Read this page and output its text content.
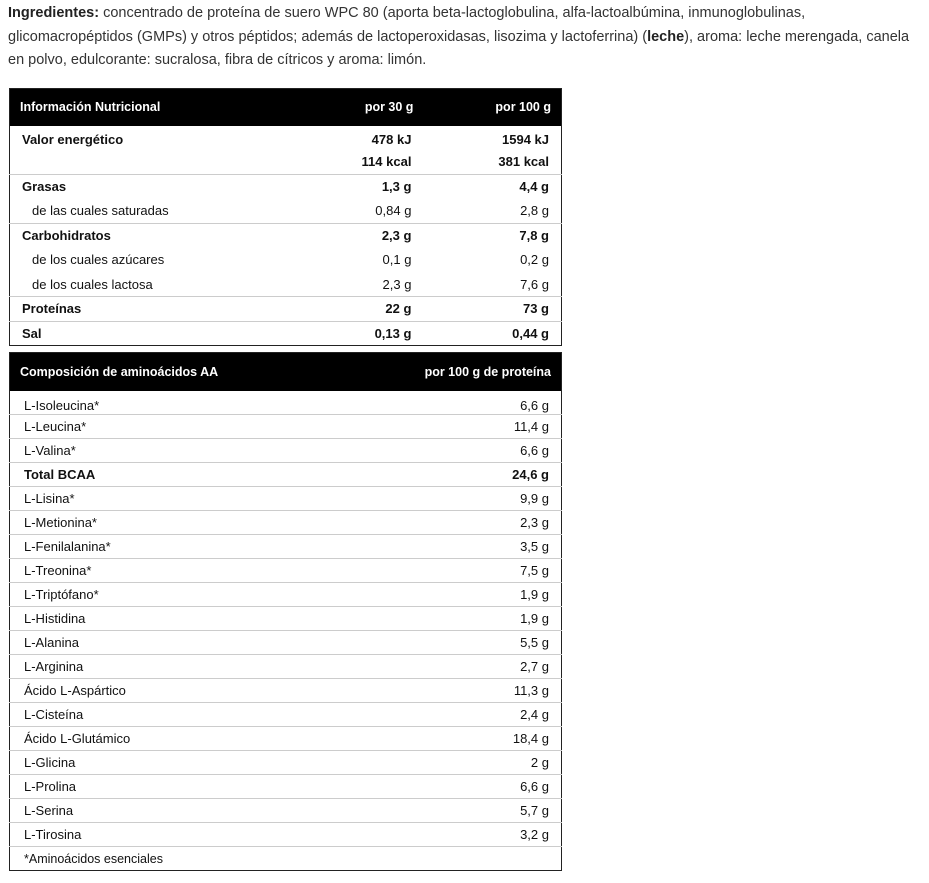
Ingredientes: concentrado de proteína de suero WPC 80 (aporta beta-lactoglobulina, alfa-lactoalbúmina, inmunoglobulinas, glicomacropéptidos (GMPs) y otros péptidos; además de lactoperoxidasas, lisozima y lactoferrina) (leche), aroma: leche merengada, canela en polvo, edulcorante: sucralosa, fibra de cítricos y aroma: limón.
Información Nutricional	por 30 g	por 100 g
Valor energético	478 kJ	1594 kJ
	114 kcal	381 kcal
Grasas	1,3 g	4,4 g
de las cuales saturadas	0,84 g	2,8 g
Carbohidratos	2,3 g	7,8 g
de los cuales azúcares	0,1 g	0,2 g
de los cuales lactosa	2,3 g	7,6 g
Proteínas	22 g	73 g
Sal	0,13 g	0,44 g
Composición de aminoácidos AA	por 100 g de proteína
L-Isoleucina*	6,6 g
L-Leucina*	11,4 g
L-Valina*	6,6 g
Total BCAA	24,6 g
L-Lisina*	9,9 g
L-Metionina*	2,3 g
L-Fenilalanina*	3,5 g
L-Treonina*	7,5 g
L-Triptófano*	1,9 g
L-Histidina	1,9 g
L-Alanina	5,5 g
L-Arginina	2,7 g
Ácido L-Aspártico	11,3 g
L-Cisteína	2,4 g
Ácido L-Glutámico	18,4 g
L-Glicina	2 g
L-Prolina	6,6 g
L-Serina	5,7 g
L-Tirosina	3,2 g
*Aminoácidos esenciales	
